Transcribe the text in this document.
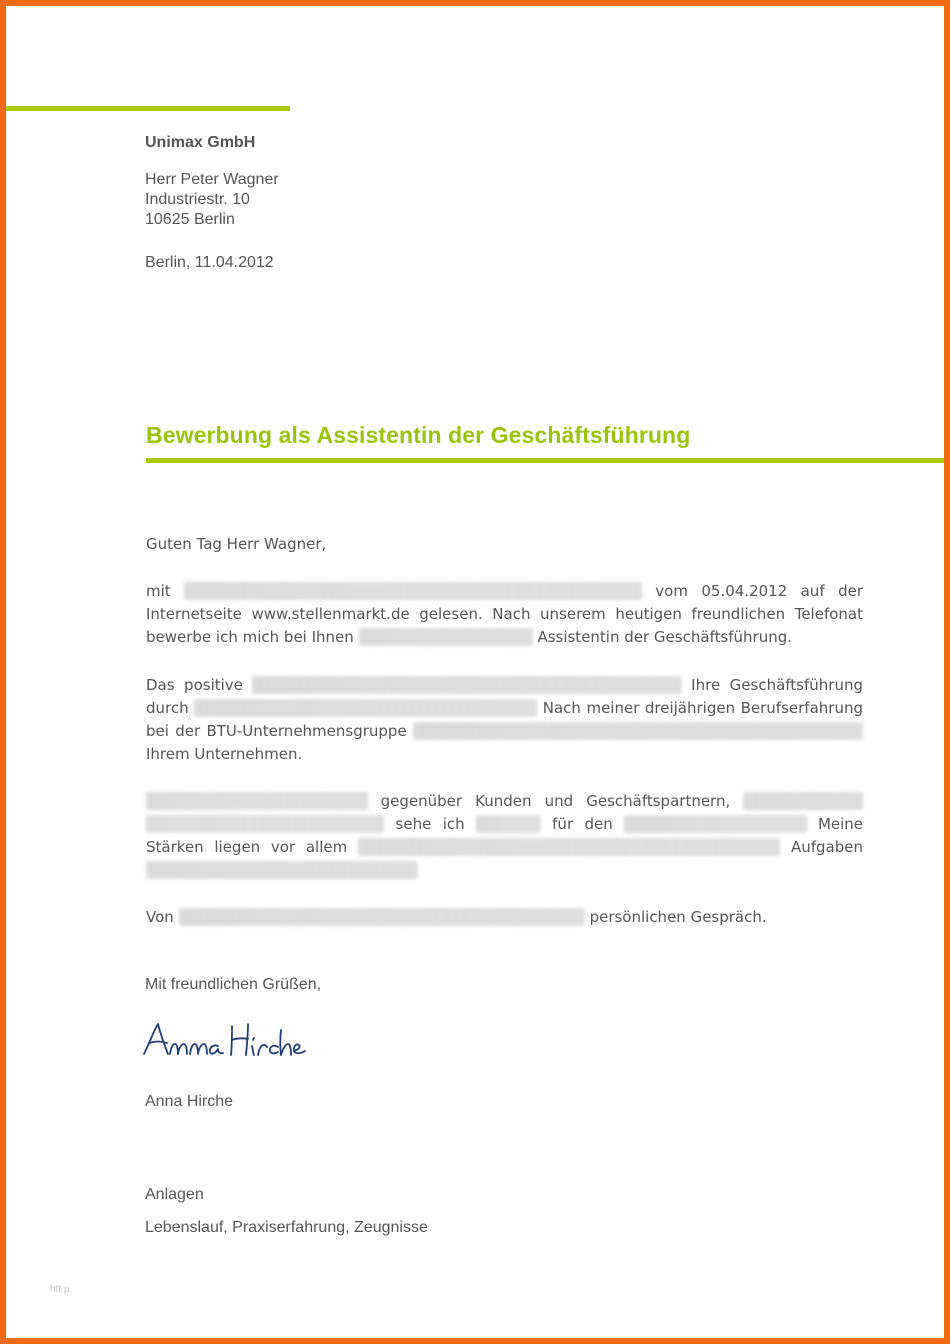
Unimax GmbH
Herr Peter Wagner
Industriestr. 10
10625 Berlin
Berlin, 11.04.2012
Bewerbung als Assistentin der Geschäftsführung
Guten Tag Herr Wagner,
mit	vom 05.04.2012 auf der Internetseite www.stellenmarkt.de gelesen. Nach unserem heutigen freundlichen Telefonat bewerbe ich mich bei Ihnen	Assistentin der Geschäftsführung.
Das positive	Ihre Geschäftsführung durch	Nach meiner dreijährigen Berufserfahrung bei der BTU-Unternehmensgruppe Ihrem Unternehmen.
gegenüber Kunden und Geschäftspartnern, sehe ich	für den	Meine Stärken liegen vor allem	Aufgaben
Von	persönlichen Gespräch.
Mit freundlichen Grüßen,
Anna Hirche
Anna Hirche
Anlagen
Lebenslauf, Praxiserfahrung, Zeugnisse
htt p
